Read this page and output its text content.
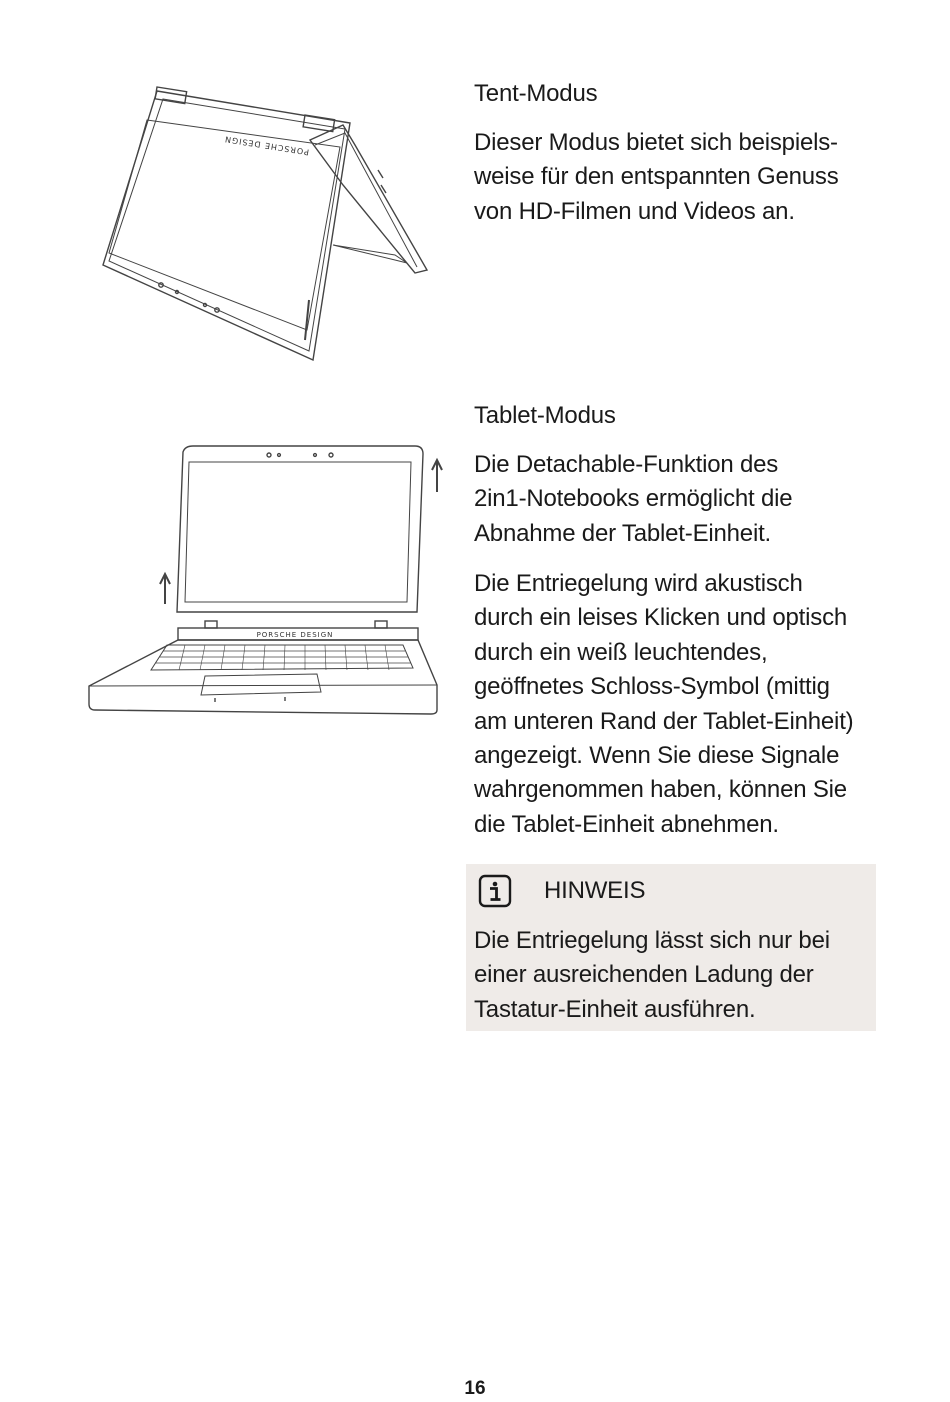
PORSCHE DESIGN
Tent-Modus

Dieser Modus bietet sich beispiels-
weise für den entspannten Genuss
von HD-Filmen und Videos an.

PORSCHE DESIGN
Tablet-Modus

Die Detachable-Funktion des
2in1-Notebooks ermöglicht die
Abnahme der Tablet-Einheit.

Die Entriegelung wird akustisch
durch ein leises Klicken und optisch
durch ein weiß leuchtendes,
geöffnetes Schloss-Symbol (mittig
am unteren Rand der Tablet-Einheit)
angezeigt. Wenn Sie diese Signale
wahrgenommen haben, können Sie
die Tablet-Einheit abnehmen.

HINWEIS

Die Entriegelung lässt sich nur bei
einer ausreichenden Ladung der
Tastatur-Einheit ausführen.

16
